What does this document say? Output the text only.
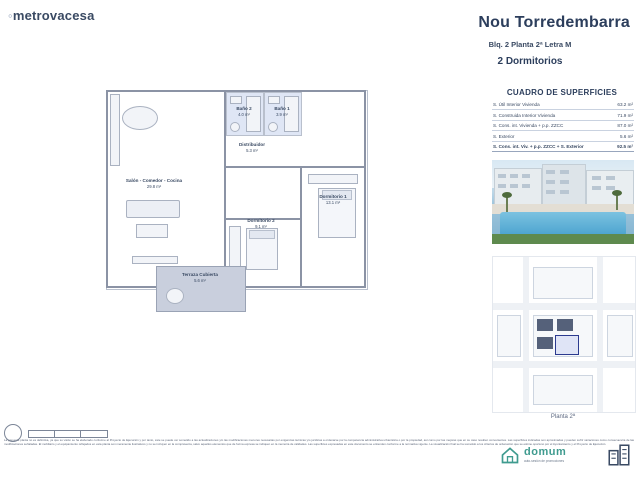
◦metrovacesa	Nou Torredembarra
Blq. 2 Planta 2ª Letra M
2 Dormitorios
CUADRO DE SUPERFICIES
S. Útil Interior Vivienda	63.2 m²
S. Construida Interior Vivienda	71.9 m²
S. Cons. int. Vivienda + p.p. ZZCC	87.0 m²
S. Exterior	5.6 m²
S. Cons. int. Viv. + p.p. ZZCC + S. Exterior	92.5 m²
Planta 2ª
Salón - Comedor - Cocina
29.8 m²
Baño 2
4.0 m²
Baño 1
3.9 m²
Distribuidor
5.3 m²
Dormitorio 1
13.1 m²
Dormitorio 2
9.1 m²
Terraza Cubierta
5.6 m²
La presente planta no es definitiva, ya que su visión se ha elaborado conforme al Proyecto de Ejecución y por tanto, éste se puede ver sometido a las actualizaciones y/o las modificaciones menores necesarias por exigencias técnicas y/o jurídicas a ordenarse por la competencia administrativa urbanística o por la propiedad, así como por las mejoras que en su caso resulten convenientes. Las superficies indicadas son aproximadas y pueden sufrir variaciones como consecuencia de las modificaciones señaladas. El mobiliario y el equipamiento reflejados en esta planta son meramente ilustrativos y no se incluyen en la compraventa, salvo aquellos elementos que de forma expresa se indiquen en la memoria de calidades. Las superficies expresadas en este documento se entienden conforme a la normativa vigente. La visualización final se ha sometido a los criterios de ordenación que se estime oportuno por el Ayuntamiento y el Proyecto de Ejecución.
domum
auto-sesión de promociones
